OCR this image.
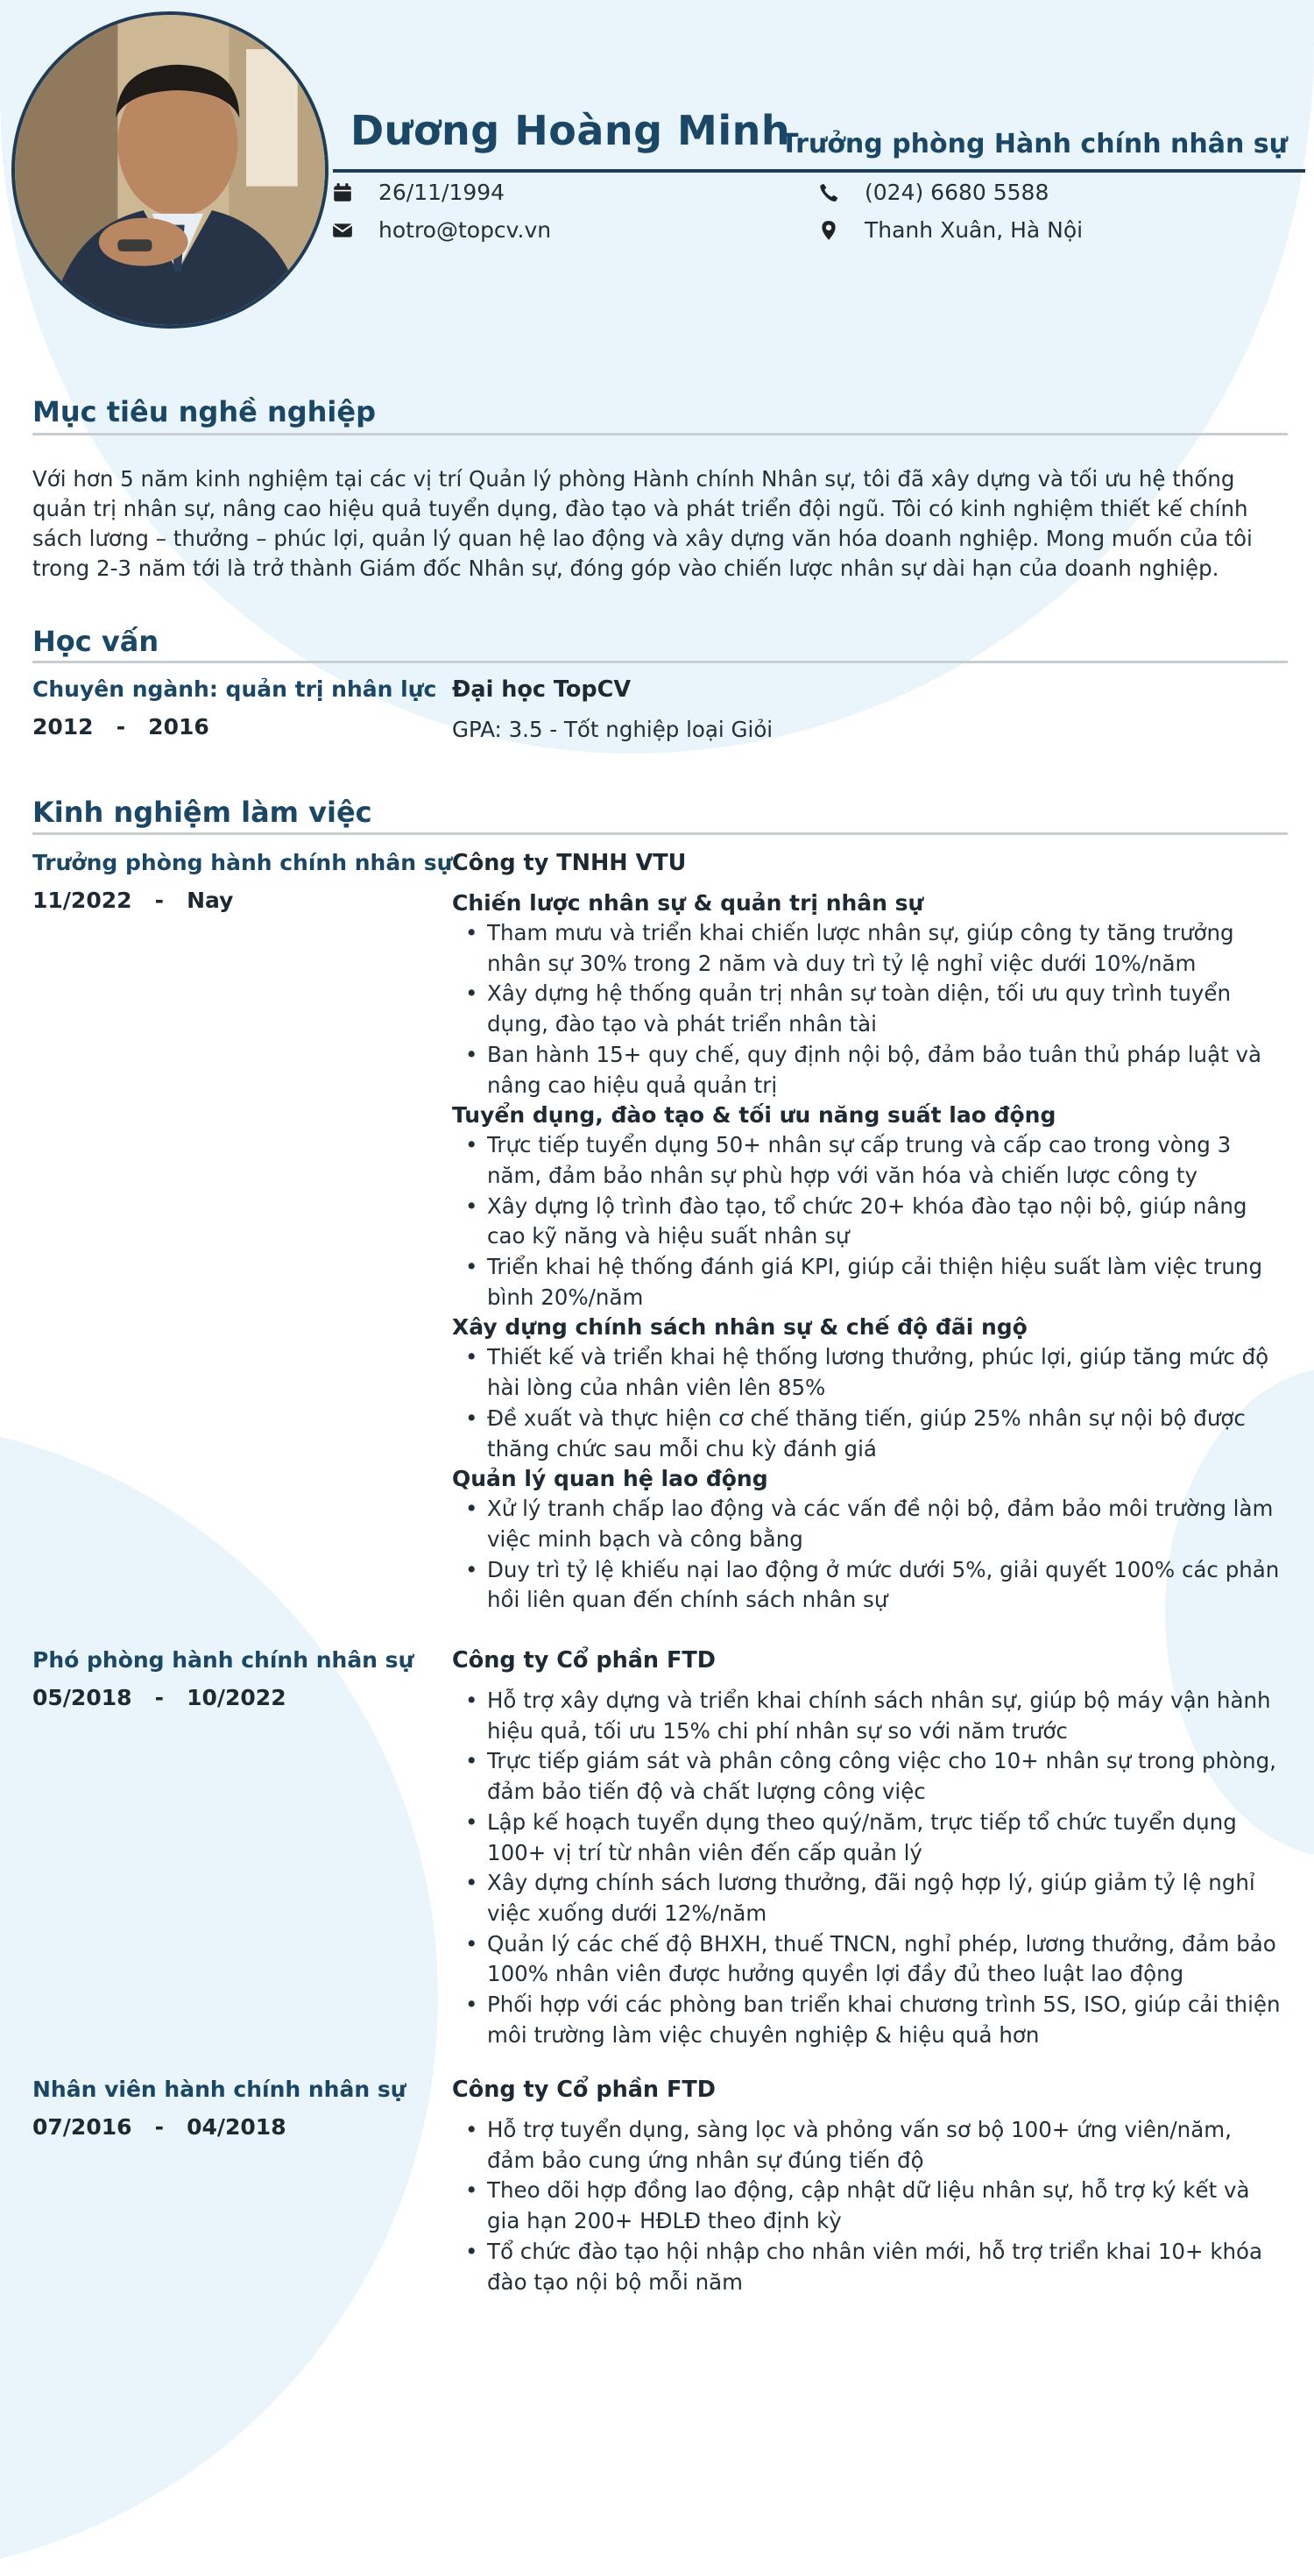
Dương Hoàng Minh
Trưởng phòng Hành chính nhân sự
26/11/1994
hotro@topcv.vn
(024) 6680 5588
Thanh Xuân, Hà Nội
Mục tiêu nghề nghiệp
Với hơn 5 năm kinh nghiệm tại các vị trí Quản lý phòng Hành chính Nhân sự, tôi đã xây dựng và tối ưu hệ thống quản trị nhân sự, nâng cao hiệu quả tuyển dụng, đào tạo và phát triển đội ngũ. Tôi có kinh nghiệm thiết kế chính sách lương – thưởng – phúc lợi, quản lý quan hệ lao động và xây dựng văn hóa doanh nghiệp. Mong muốn của tôi trong 2-3 năm tới là trở thành Giám đốc Nhân sự, đóng góp vào chiến lược nhân sự dài hạn của doanh nghiệp.
Học vấn
Chuyên ngành: quản trị nhân lực
2012   -   2016
Đại học TopCV
GPA: 3.5 - Tốt nghiệp loại Giỏi
Kinh nghiệm làm việc
Trưởng phòng hành chính nhân sự
11/2022   -   Nay
Công ty TNHH VTU
Chiến lược nhân sự & quản trị nhân sự
• Tham mưu và triển khai chiến lược nhân sự, giúp công ty tăng trưởng nhân sự 30% trong 2 năm và duy trì tỷ lệ nghỉ việc dưới 10%/năm
• Xây dựng hệ thống quản trị nhân sự toàn diện, tối ưu quy trình tuyển dụng, đào tạo và phát triển nhân tài
• Ban hành 15+ quy chế, quy định nội bộ, đảm bảo tuân thủ pháp luật và nâng cao hiệu quả quản trị
Tuyển dụng, đào tạo & tối ưu năng suất lao động
• Trực tiếp tuyển dụng 50+ nhân sự cấp trung và cấp cao trong vòng 3 năm, đảm bảo nhân sự phù hợp với văn hóa và chiến lược công ty
• Xây dựng lộ trình đào tạo, tổ chức 20+ khóa đào tạo nội bộ, giúp nâng cao kỹ năng và hiệu suất nhân sự
• Triển khai hệ thống đánh giá KPI, giúp cải thiện hiệu suất làm việc trung bình 20%/năm
Xây dựng chính sách nhân sự & chế độ đãi ngộ
• Thiết kế và triển khai hệ thống lương thưởng, phúc lợi, giúp tăng mức độ hài lòng của nhân viên lên 85%
• Đề xuất và thực hiện cơ chế thăng tiến, giúp 25% nhân sự nội bộ được thăng chức sau mỗi chu kỳ đánh giá
Quản lý quan hệ lao động
• Xử lý tranh chấp lao động và các vấn đề nội bộ, đảm bảo môi trường làm việc minh bạch và công bằng
• Duy trì tỷ lệ khiếu nại lao động ở mức dưới 5%, giải quyết 100% các phản hồi liên quan đến chính sách nhân sự
Phó phòng hành chính nhân sự
05/2018   -   10/2022
Công ty Cổ phần FTD
• Hỗ trợ xây dựng và triển khai chính sách nhân sự, giúp bộ máy vận hành hiệu quả, tối ưu 15% chi phí nhân sự so với năm trước
• Trực tiếp giám sát và phân công công việc cho 10+ nhân sự trong phòng, đảm bảo tiến độ và chất lượng công việc
• Lập kế hoạch tuyển dụng theo quý/năm, trực tiếp tổ chức tuyển dụng 100+ vị trí từ nhân viên đến cấp quản lý
• Xây dựng chính sách lương thưởng, đãi ngộ hợp lý, giúp giảm tỷ lệ nghỉ việc xuống dưới 12%/năm
• Quản lý các chế độ BHXH, thuế TNCN, nghỉ phép, lương thưởng, đảm bảo 100% nhân viên được hưởng quyền lợi đầy đủ theo luật lao động
• Phối hợp với các phòng ban triển khai chương trình 5S, ISO, giúp cải thiện môi trường làm việc chuyên nghiệp & hiệu quả hơn
Nhân viên hành chính nhân sự
07/2016   -   04/2018
Công ty Cổ phần FTD
• Hỗ trợ tuyển dụng, sàng lọc và phỏng vấn sơ bộ 100+ ứng viên/năm, đảm bảo cung ứng nhân sự đúng tiến độ
• Theo dõi hợp đồng lao động, cập nhật dữ liệu nhân sự, hỗ trợ ký kết và gia hạn 200+ HĐLĐ theo định kỳ
• Tổ chức đào tạo hội nhập cho nhân viên mới, hỗ trợ triển khai 10+ khóa đào tạo nội bộ mỗi năm
